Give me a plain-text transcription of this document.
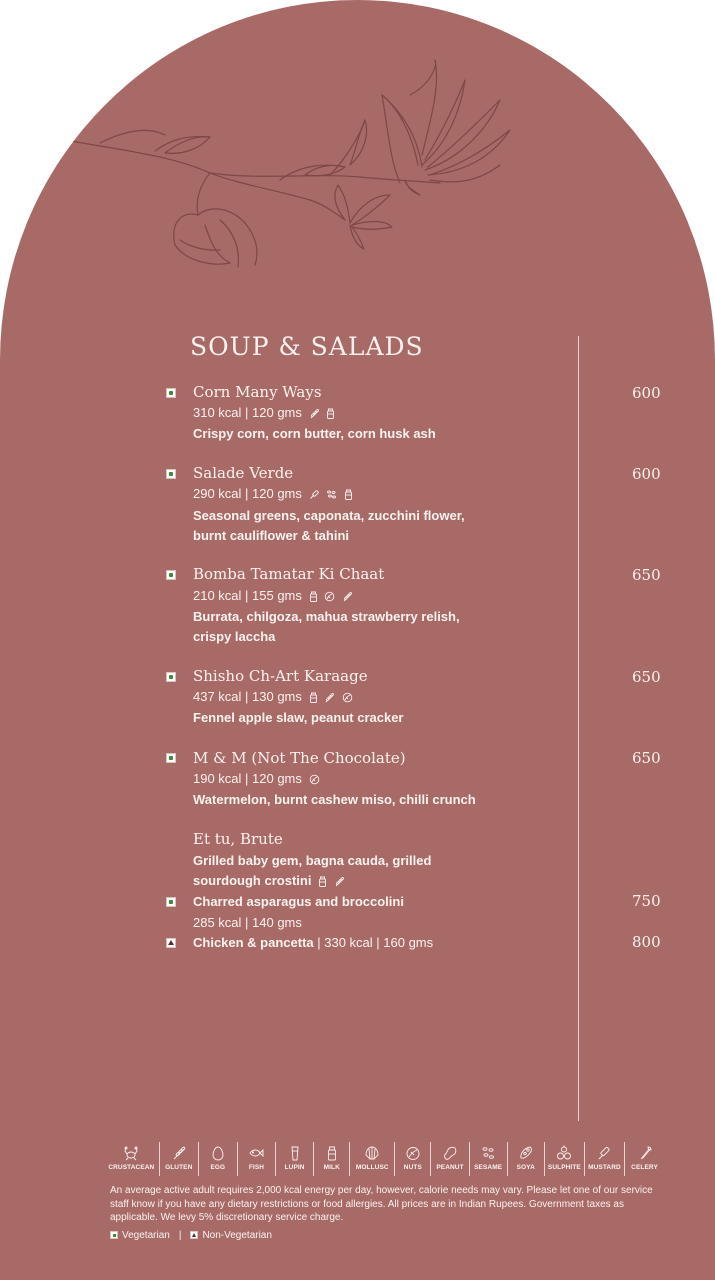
SOUP & SALADS
Corn Many Ways	600
310 kcal | 120 gms
Crispy corn, corn butter, corn husk ash
Salade Verde	600
290 kcal | 120 gms
Seasonal greens, caponata, zucchini flower,
burnt cauliflower & tahini
Bomba Tamatar Ki Chaat	650
210 kcal | 155 gms
Burrata, chilgoza, mahua strawberry relish,
crispy laccha
Shisho Ch-Art Karaage	650
437 kcal | 130 gms
Fennel apple slaw, peanut cracker
M & M (Not The Chocolate)	650
190 kcal | 120 gms
Watermelon, burnt cashew miso, chilli crunch
Et tu, Brute
Grilled baby gem, bagna cauda, grilled
sourdough crostini
Charred asparagus and broccolini	750
285 kcal | 140 gms
Chicken & pancetta | 330 kcal | 160 gms	800
CRUSTACEAN GLUTEN	EGG	FISH	LUPIN	MILK MOLLUSC NUTS PEANUT SESAME SOYA SULPHITE MUSTARD CELERY

An average active adult requires 2,000 kcal energy per day, however, calorie needs may vary. Please let one of our service staff know if you have any dietary restrictions or food allergies. All prices are in Indian Rupees. Government taxes as applicable. We levy 5% discretionary service charge.

Vegetarian | Non-Vegetarian
